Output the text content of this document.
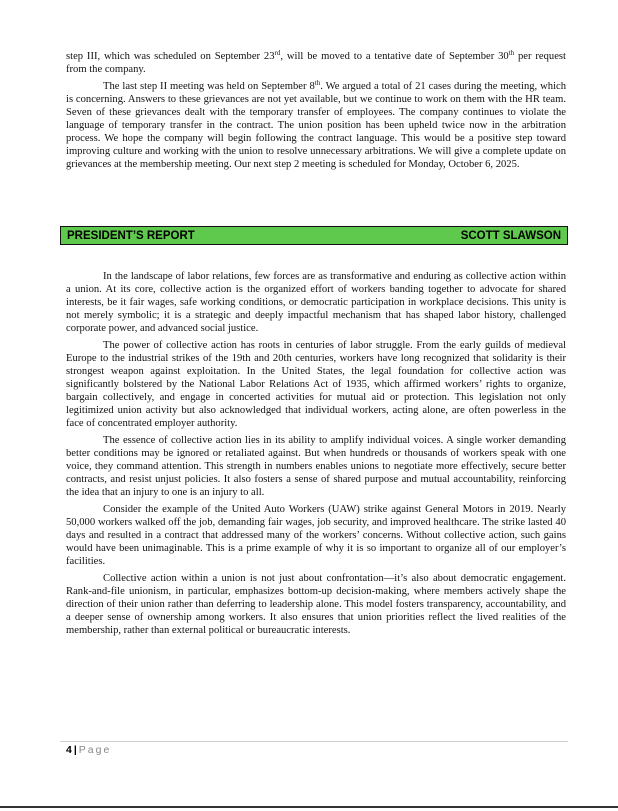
step III, which was scheduled on September 23rd, will be moved to a tentative date of September 30th per request from the company.

The last step II meeting was held on September 8th. We argued a total of 21 cases during the meeting, which is concerning. Answers to these grievances are not yet available, but we continue to work on them with the HR team. Seven of these grievances dealt with the temporary transfer of employees. The company continues to violate the language of temporary transfer in the contract. The union position has been upheld twice now in the arbitration process. We hope the company will begin following the contract language. This would be a positive step toward improving culture and working with the union to resolve unnecessary arbitrations. We will give a complete update on grievances at the membership meeting. Our next step 2 meeting is scheduled for Monday, October 6, 2025.

PRESIDENT’S REPORT	SCOTT SLAWSON

In the landscape of labor relations, few forces are as transformative and enduring as collective action within a union. At its core, collective action is the organized effort of workers banding together to advocate for shared interests, be it fair wages, safe working conditions, or democratic participation in workplace decisions. This unity is not merely symbolic; it is a strategic and deeply impactful mechanism that has shaped labor history, challenged corporate power, and advanced social justice.

The power of collective action has roots in centuries of labor struggle. From the early guilds of medieval Europe to the industrial strikes of the 19th and 20th centuries, workers have long recognized that solidarity is their strongest weapon against exploitation. In the United States, the legal foundation for collective action was significantly bolstered by the National Labor Relations Act of 1935, which affirmed workers’ rights to organize, bargain collectively, and engage in concerted activities for mutual aid or protection. This legislation not only legitimized union activity but also acknowledged that individual workers, acting alone, are often powerless in the face of concentrated employer authority.

The essence of collective action lies in its ability to amplify individual voices. A single worker demanding better conditions may be ignored or retaliated against. But when hundreds or thousands of workers speak with one voice, they command attention. This strength in numbers enables unions to negotiate more effectively, secure better contracts, and resist unjust policies. It also fosters a sense of shared purpose and mutual accountability, reinforcing the idea that an injury to one is an injury to all.

Consider the example of the United Auto Workers (UAW) strike against General Motors in 2019. Nearly 50,000 workers walked off the job, demanding fair wages, job security, and improved healthcare. The strike lasted 40 days and resulted in a contract that addressed many of the workers’ concerns. Without collective action, such gains would have been unimaginable. This is a prime example of why it is so important to organize all of our employer’s facilities.

Collective action within a union is not just about confrontation—it’s also about democratic engagement. Rank-and-file unionism, in particular, emphasizes bottom-up decision-making, where members actively shape the direction of their union rather than deferring to leadership alone. This model fosters transparency, accountability, and a deeper sense of ownership among workers. It also ensures that union priorities reflect the lived realities of the membership, rather than external political or bureaucratic interests.

4 | Page
